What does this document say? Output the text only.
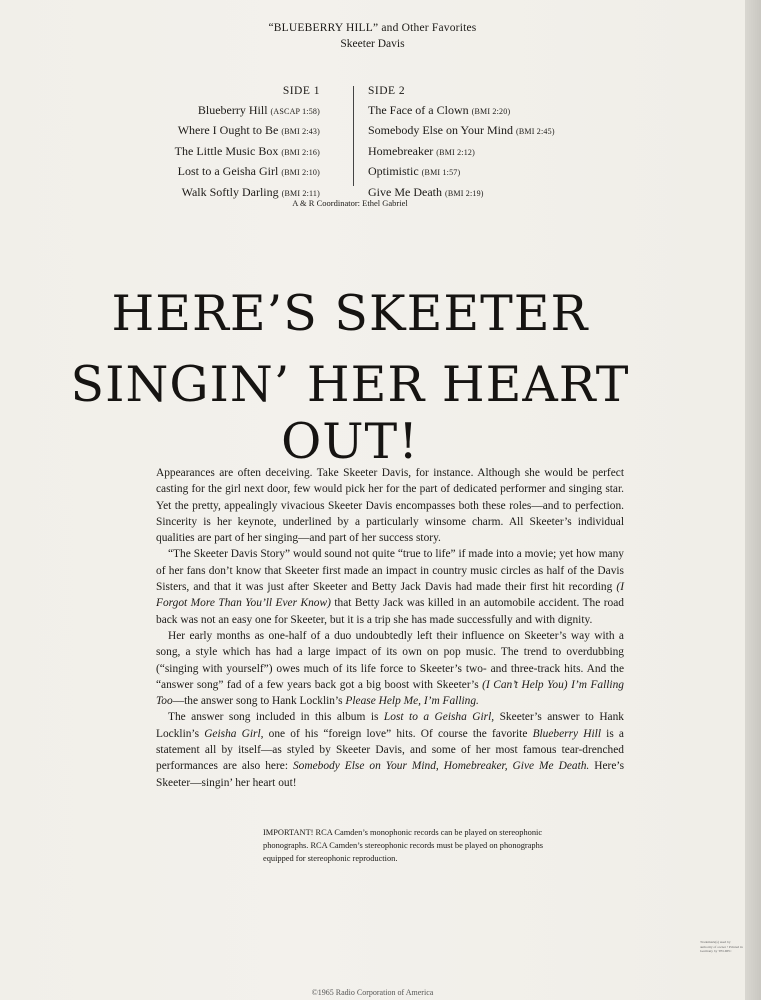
“BLUEBERRY HILL” and Other Favorites
Skeeter Davis
SIDE 1
Blueberry Hill (ASCAP 1:58)
Where I Ought to Be (BMI 2:43)
The Little Music Box (BMI 2:16)
Lost to a Geisha Girl (BMI 2:10)
Walk Softly Darling (BMI 2:11)
SIDE 2
The Face of a Clown (BMI 2:20)
Somebody Else on Your Mind (BMI 2:45)
Homebreaker (BMI 2:12)
Optimistic (BMI 1:57)
Give Me Death (BMI 2:19)
A & R Coordinator: Ethel Gabriel
HERE’S SKEETER
SINGIN’ HER HEART OUT!

Appearances are often deceiving. Take Skeeter Davis, for instance. Although she would be perfect casting for the girl next door, few would pick her for the part of dedicated performer and singing star. Yet the pretty, appealingly vivacious Skeeter Davis encompasses both these roles—and to perfection. Sincerity is her keynote, underlined by a particularly winsome charm. All Skeeter’s individual qualities are part of her singing—and part of her success story.

“The Skeeter Davis Story” would sound not quite “true to life” if made into a movie; yet how many of her fans don’t know that Skeeter first made an impact in country music circles as half of the Davis Sisters, and that it was just after Skeeter and Betty Jack Davis had made their first hit recording (I Forgot More Than You’ll Ever Know) that Betty Jack was killed in an automobile accident. The road back was not an easy one for Skeeter, but it is a trip she has made successfully and with dignity.

Her early months as one-half of a duo undoubtedly left their influence on Skeeter’s way with a song, a style which has had a large impact of its own on pop music. The trend to overdubbing (“singing with yourself”) owes much of its life force to Skeeter’s two- and three-track hits. And the “answer song” fad of a few years back got a big boost with Skeeter’s (I Can’t Help You) I’m Falling Too—the answer song to Hank Locklin’s Please Help Me, I’m Falling.

The answer song included in this album is Lost to a Geisha Girl, Skeeter’s answer to Hank Locklin’s Geisha Girl, one of his “foreign love” hits. Of course the favorite Blueberry Hill is a statement all by itself—as styled by Skeeter Davis, and some of her most famous tear-drenched performances are also here: Somebody Else on Your Mind, Homebreaker, Give Me Death. Here’s Skeeter—singin’ her heart out!

IMPORTANT! RCA Camden’s monophonic records can be played on stereophonic phonographs. RCA Camden’s stereophonic records must be played on phonographs equipped for stereophonic reproduction.
Trademark(s) used by authority of owner • Printed in Germany by TELDEC
©1965 Radio Corporation of America
